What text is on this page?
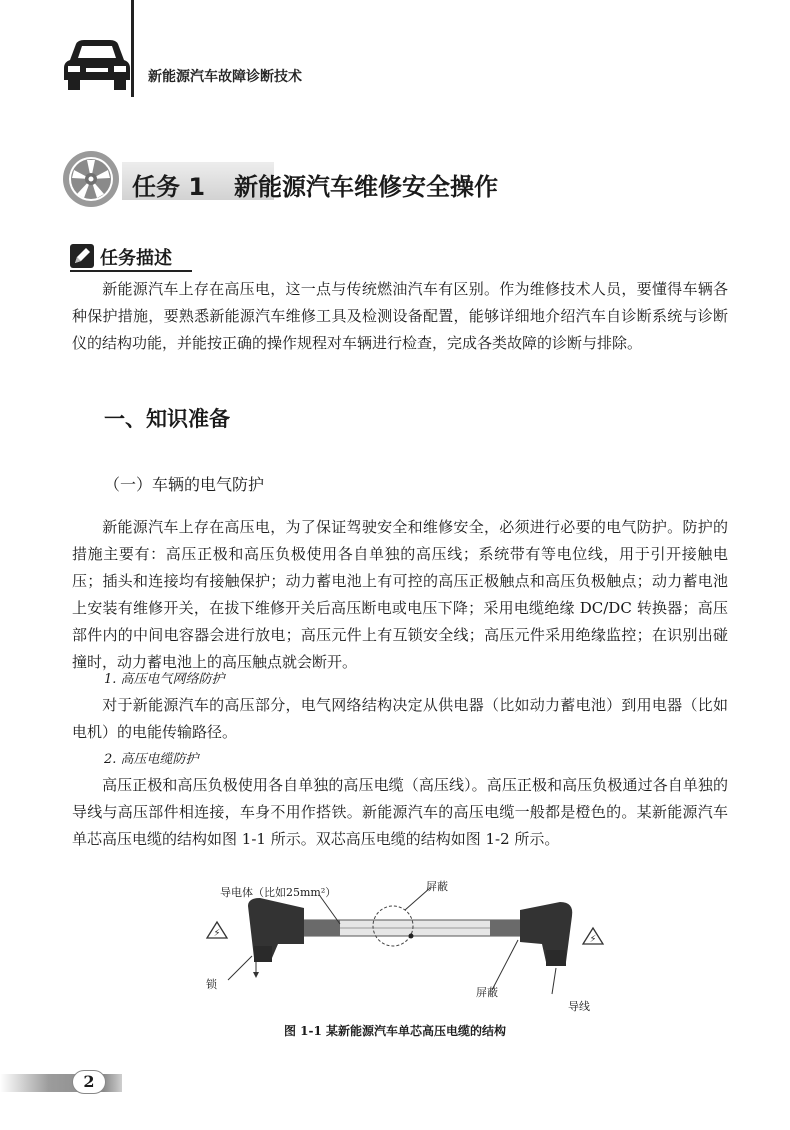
新能源汽车故障诊断技术
任务 1 新能源汽车维修安全操作
任务描述
新能源汽车上存在高压电，这一点与传统燃油汽车有区别。作为维修技术人员，要懂得车辆各种保护措施，要熟悉新能源汽车维修工具及检测设备配置，能够详细地介绍汽车自诊断系统与诊断仪的结构功能，并能按正确的操作规程对车辆进行检查，完成各类故障的诊断与排除。
一、知识准备
（一）车辆的电气防护
新能源汽车上存在高压电，为了保证驾驶安全和维修安全，必须进行必要的电气防护。防护的措施主要有：高压正极和高压负极使用各自单独的高压线；系统带有等电位线，用于引开接触电压；插头和连接均有接触保护；动力蓄电池上有可控的高压正极触点和高压负极触点；动力蓄电池上安装有维修开关，在拔下维修开关后高压断电或电压下降；采用电缆绝缘 DC/DC 转换器；高压部件内的中间电容器会进行放电；高压元件上有互锁安全线；高压元件采用绝缘监控；在识别出碰撞时，动力蓄电池上的高压触点就会断开。
1. 高压电气网络防护
对于新能源汽车的高压部分，电气网络结构决定从供电器（比如动力蓄电池）到用电器（比如电机）的电能传输路径。
2. 高压电缆防护
高压正极和高压负极使用各自单独的高压电缆（高压线）。高压正极和高压负极通过各自单独的导线与高压部件相连接，车身不用作搭铁。新能源汽车的高压电缆一般都是橙色的。某新能源汽车单芯高压电缆的结构如图 1-1 所示。双芯高压电缆的结构如图 1-2 所示。
⚡
⚡
导电体（比如25mm²）	屏蔽
锁
屏蔽
导线
图 1-1 某新能源汽车单芯高压电缆的结构
2
